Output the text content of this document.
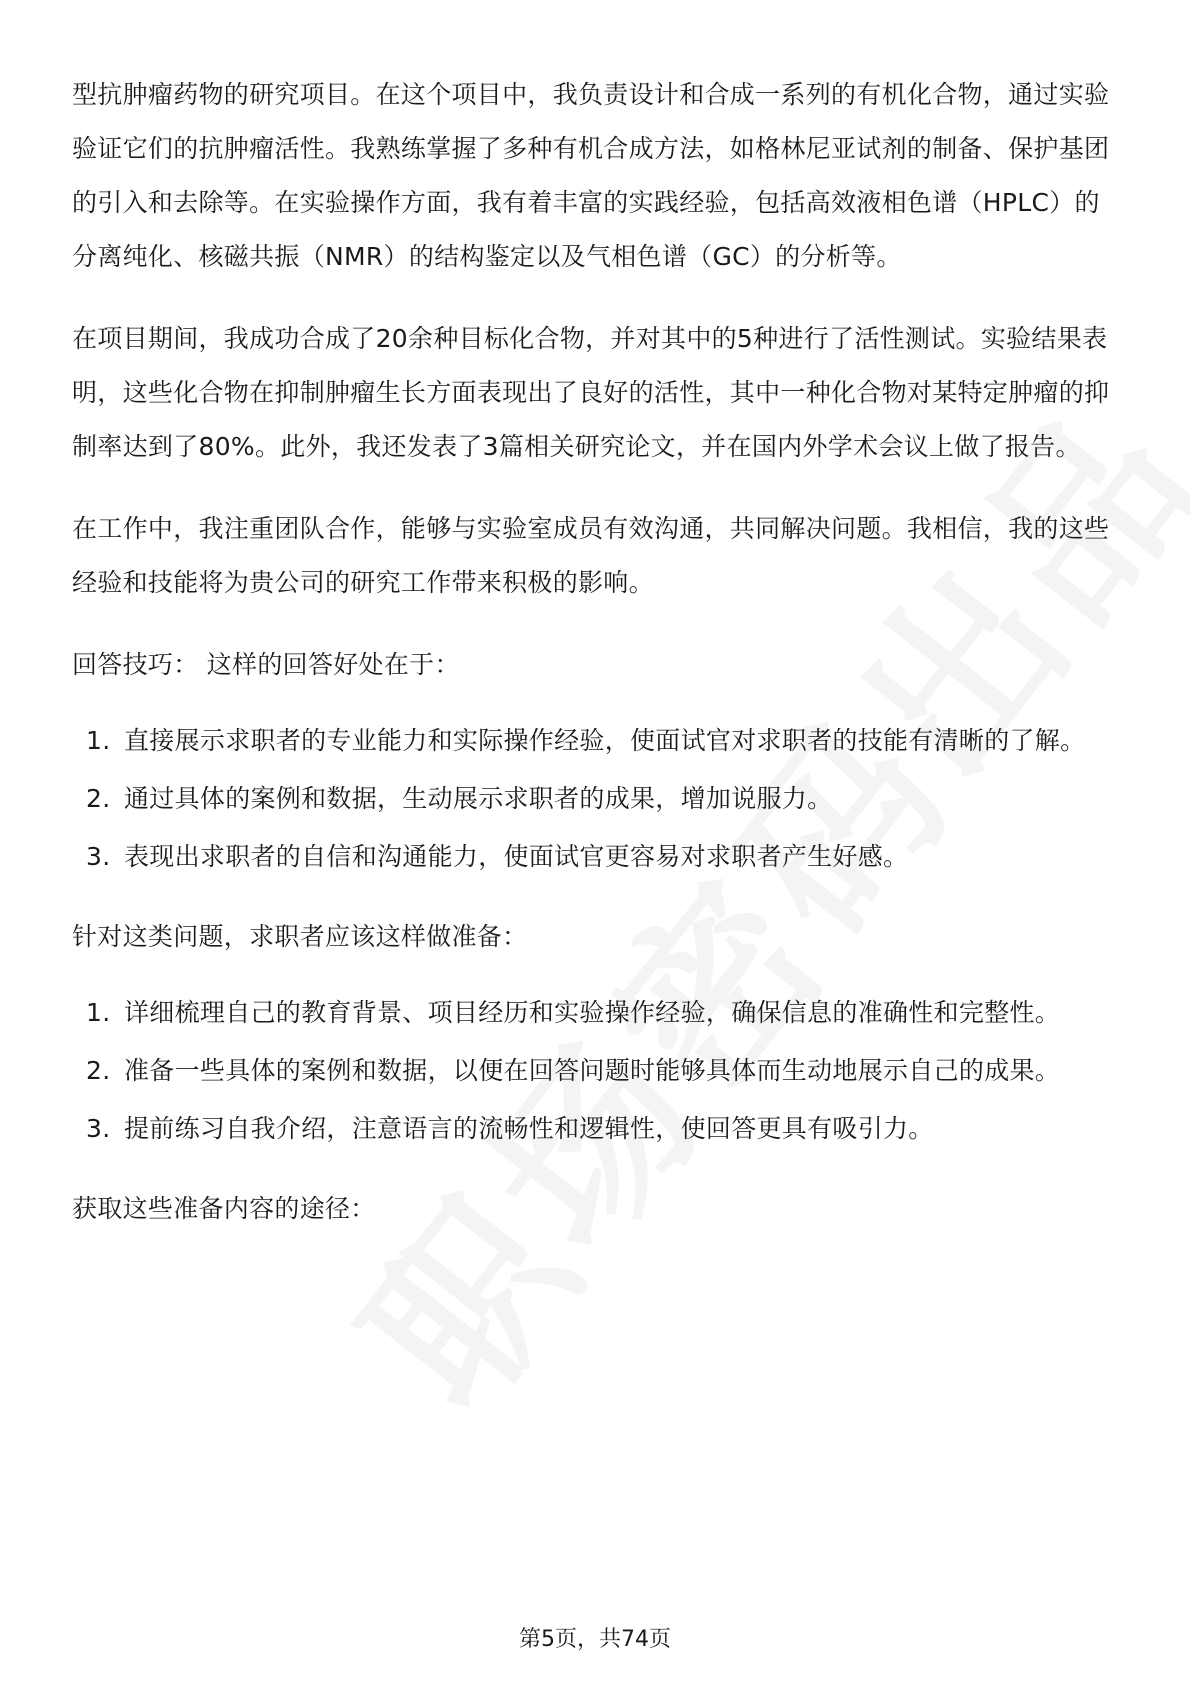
型抗肿瘤药物的研究项目。在这个项目中，我负责设计和合成一系列的有机化合物，通过实验验证它们的抗肿瘤活性。我熟练掌握了多种有机合成方法，如格林尼亚试剂的制备、保护基团的引入和去除等。在实验操作方面，我有着丰富的实践经验，包括高效液相色谱（HPLC）的分离纯化、核磁共振（NMR）的结构鉴定以及气相色谱（GC）的分析等。

在项目期间，我成功合成了20余种目标化合物，并对其中的5种进行了活性测试。实验结果表明，这些化合物在抑制肿瘤生长方面表现出了良好的活性，其中一种化合物对某特定肿瘤的抑制率达到了80%。此外，我还发表了3篇相关研究论文，并在国内外学术会议上做了报告。

在工作中，我注重团队合作，能够与实验室成员有效沟通，共同解决问题。我相信，我的这些经验和技能将为贵公司的研究工作带来积极的影响。

回答技巧： 这样的回答好处在于：

1. 直接展示求职者的专业能力和实际操作经验，使面试官对求职者的技能有清晰的了解。
2. 通过具体的案例和数据，生动展示求职者的成果，增加说服力。
3. 表现出求职者的自信和沟通能力，使面试官更容易对求职者产生好感。

针对这类问题，求职者应该这样做准备：

1. 详细梳理自己的教育背景、项目经历和实验操作经验，确保信息的准确性和完整性。
2. 准备一些具体的案例和数据，以便在回答问题时能够具体而生动地展示自己的成果。
3. 提前练习自我介绍，注意语言的流畅性和逻辑性，使回答更具有吸引力。

获取这些准备内容的途径：

第5页，共74页
